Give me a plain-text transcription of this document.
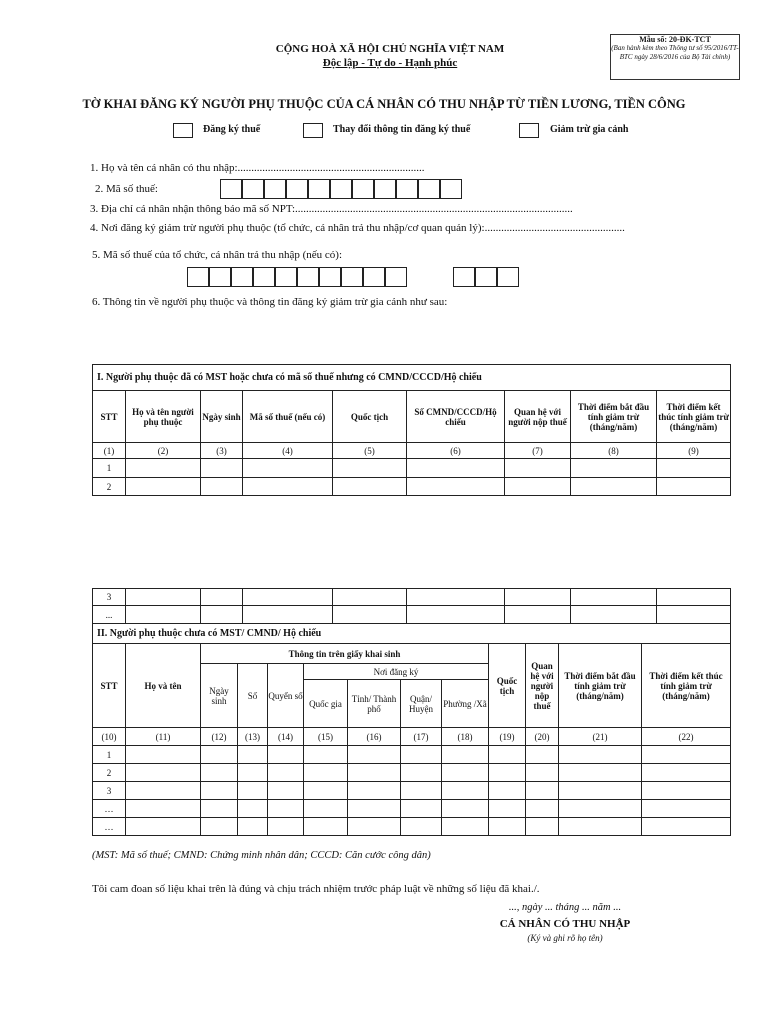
Mẫu số: 20-ĐK-TCT
(Ban hành kèm theo Thông tư số 95/2016/TT-BTC ngày 28/6/2016 của Bộ Tài chính)
CỘNG HOÀ XÃ HỘI CHỦ NGHĨA VIỆT NAM
Độc lập - Tự do - Hạnh phúc
TỜ KHAI ĐĂNG KÝ NGƯỜI PHỤ THUỘC CỦA CÁ NHÂN CÓ THU NHẬP TỪ TIỀN LƯƠNG, TIỀN CÔNG
Đăng ký thuế	Thay đổi thông tin đăng ký thuế	Giảm trừ gia cảnh
1. Họ và tên cá nhân có thu nhập:....................................................................
2. Mã số thuế:
3. Địa chỉ cá nhân nhận thông báo mã số NPT:.....................................................................................................
4. Nơi đăng ký giảm trừ người phụ thuộc (tổ chức, cá nhân trả thu nhập/cơ quan quản lý):...................................................
5. Mã số thuế của tổ chức, cá nhân trả thu nhập (nếu có):
6. Thông tin về người phụ thuộc và thông tin đăng ký giảm trừ gia cảnh như sau:
I. Người phụ thuộc đã có MST hoặc chưa có mã số thuế nhưng có CMND/CCCD/Hộ chiếu								
STT	Họ và tên người phụ thuộc	Ngày sinh	Mã số thuế (nếu có)	Quốc tịch	Số CMND/CCCD/Hộ chiếu	Quan hệ với người nộp thuế	Thời điểm bắt đầu tính giảm trừ (tháng/năm)	Thời điểm kết thúc tính giảm trừ (tháng/năm)
(1)	(2)	(3)	(4)	(5)	(6)	(7)	(8)	(9)
1								
2								
3								
...								
II. Người phụ thuộc chưa có MST/ CMND/ Hộ chiếu												
STT	Họ và tên	Thông tin trên giấy khai sinh							Quốc tịch	Quan hệ với người nộp thuế	Thời điểm bắt đầu tính giảm trừ (tháng/năm)	Thời điểm kết thúc tính giảm trừ (tháng/năm)
		Ngày sinh	Số	Quyển số	Nơi đăng ký							
					Quốc gia	Tỉnh/ Thành phố	Quận/ Huyện	Phường /Xã				
(10)	(11)	(12)	(13)	(14)	(15)	(16)	(17)	(18)	(19)	(20)	(21)	(22)
1												
2												
3												
…												
…												
(MST: Mã số thuế; CMND: Chứng minh nhân dân; CCCD: Căn cước công dân)
Tôi cam đoan số liệu khai trên là đúng và chịu trách nhiệm trước pháp luật về những số liệu đã khai./.
..., ngày ... tháng ... năm ...
CÁ NHÂN CÓ THU NHẬP
(Ký và ghi rõ họ tên)
